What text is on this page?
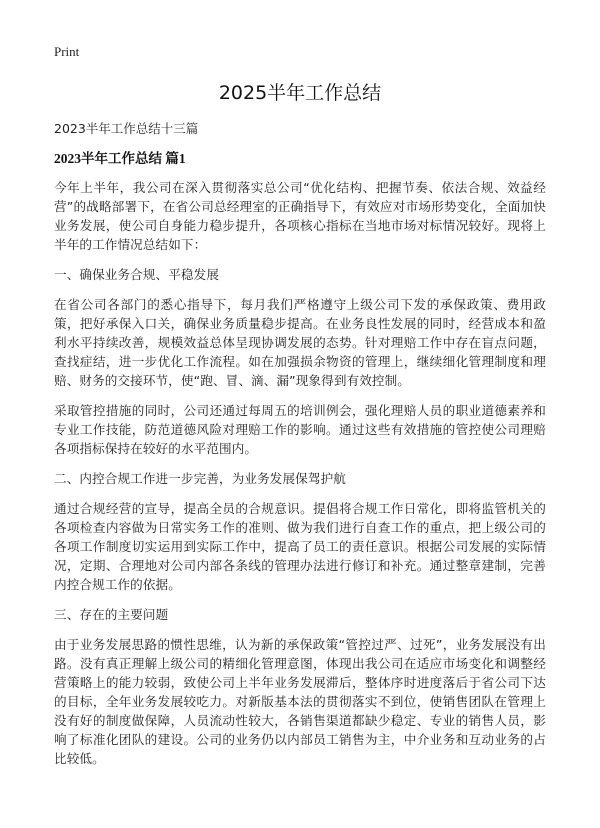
Print
2025半年工作总结
2023半年工作总结十三篇
2023半年工作总结 篇1

今年上半年，我公司在深入贯彻落实总公司“优化结构、把握节奏、依法合规、效益经营”的战略部署下，在省公司总经理室的正确指导下，有效应对市场形势变化，全面加快业务发展，使公司自身能力稳步提升，各项核心指标在当地市场对标情况较好。现将上半年的工作情况总结如下：

一、确保业务合规、平稳发展

在省公司各部门的悉心指导下，每月我们严格遵守上级公司下发的承保政策、费用政策，把好承保入口关，确保业务质量稳步提高。在业务良性发展的同时，经营成本和盈利水平持续改善，规模效益总体呈现协调发展的态势。针对理赔工作中存在盲点问题，查找症结，进一步优化工作流程。如在加强损余物资的管理上，继续细化管理制度和理赔、财务的交接环节，使“跑、冒、滴、漏”现象得到有效控制。

采取管控措施的同时，公司还通过每周五的培训例会，强化理赔人员的职业道德素养和专业工作技能，防范道德风险对理赔工作的影响。通过这些有效措施的管控使公司理赔各项指标保持在较好的水平范围内。

二、内控合规工作进一步完善，为业务发展保驾护航

通过合规经营的宣导，提高全员的合规意识。提倡将合规工作日常化，即将监管机关的各项检查内容做为日常实务工作的准则、做为我们进行自查工作的重点，把上级公司的各项工作制度切实运用到实际工作中，提高了员工的责任意识。根据公司发展的实际情况，定期、合理地对公司内部各条线的管理办法进行修订和补充。通过整章建制，完善内控合规工作的依据。

三、存在的主要问题

由于业务发展思路的惯性思维，认为新的承保政策“管控过严、过死”，业务发展没有出路。没有真正理解上级公司的精细化管理意图，体现出我公司在适应市场变化和调整经营策略上的能力较弱，致使公司上半年业务发展滞后，整体序时进度落后于省公司下达的目标，全年业务发展较吃力。对新版基本法的贯彻落实不到位，使销售团队在管理上没有好的制度做保障，人员流动性较大，各销售渠道都缺少稳定、专业的销售人员，影响了标准化团队的建设。公司的业务仍以内部员工销售为主，中介业务和互动业务的占比较低。
